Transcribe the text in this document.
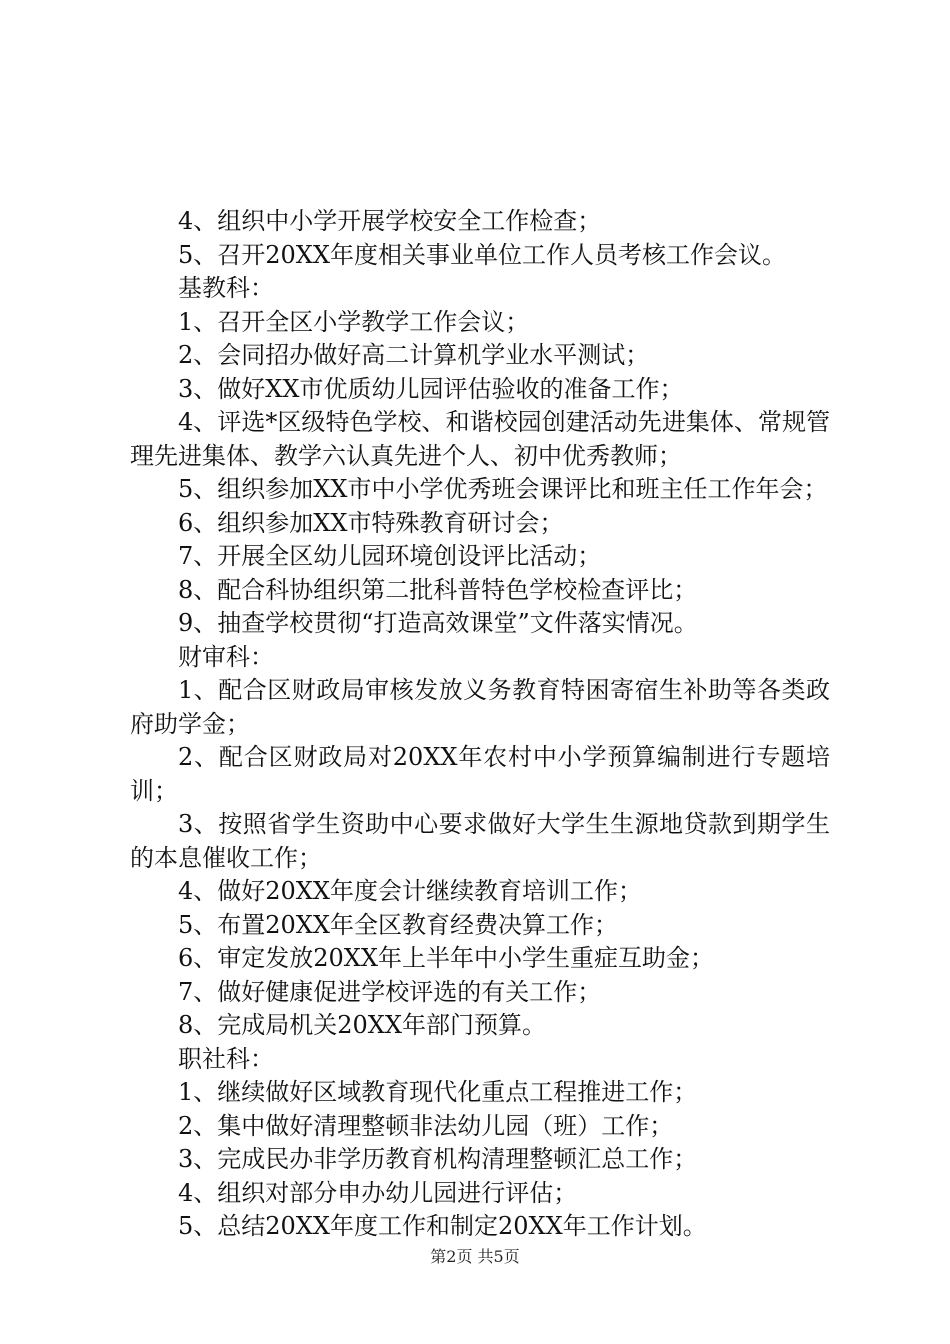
4、组织中小学开展学校安全工作检查；

5、召开20XX年度相关事业单位工作人员考核工作会议。

基教科：

1、召开全区小学教学工作会议；

2、会同招办做好高二计算机学业水平测试；

3、做好XX市优质幼儿园评估验收的准备工作；

4、评选*区级特色学校、和谐校园创建活动先进集体、常规管理先进集体、教学六认真先进个人、初中优秀教师；

5、组织参加XX市中小学优秀班会课评比和班主任工作年会；

6、组织参加XX市特殊教育研讨会；

7、开展全区幼儿园环境创设评比活动；

8、配合科协组织第二批科普特色学校检查评比；

9、抽查学校贯彻“打造高效课堂”文件落实情况。

财审科：

1、配合区财政局审核发放义务教育特困寄宿生补助等各类政府助学金；

2、配合区财政局对20XX年农村中小学预算编制进行专题培训；

3、按照省学生资助中心要求做好大学生生源地贷款到期学生的本息催收工作；

4、做好20XX年度会计继续教育培训工作；

5、布置20XX年全区教育经费决算工作；

6、审定发放20XX年上半年中小学生重症互助金；

7、做好健康促进学校评选的有关工作；

8、完成局机关20XX年部门预算。

职社科：

1、继续做好区域教育现代化重点工程推进工作；

2、集中做好清理整顿非法幼儿园（班）工作；

3、完成民办非学历教育机构清理整顿汇总工作；

4、组织对部分申办幼儿园进行评估；

5、总结20XX年度工作和制定20XX年工作计划。

第2页 共5页
